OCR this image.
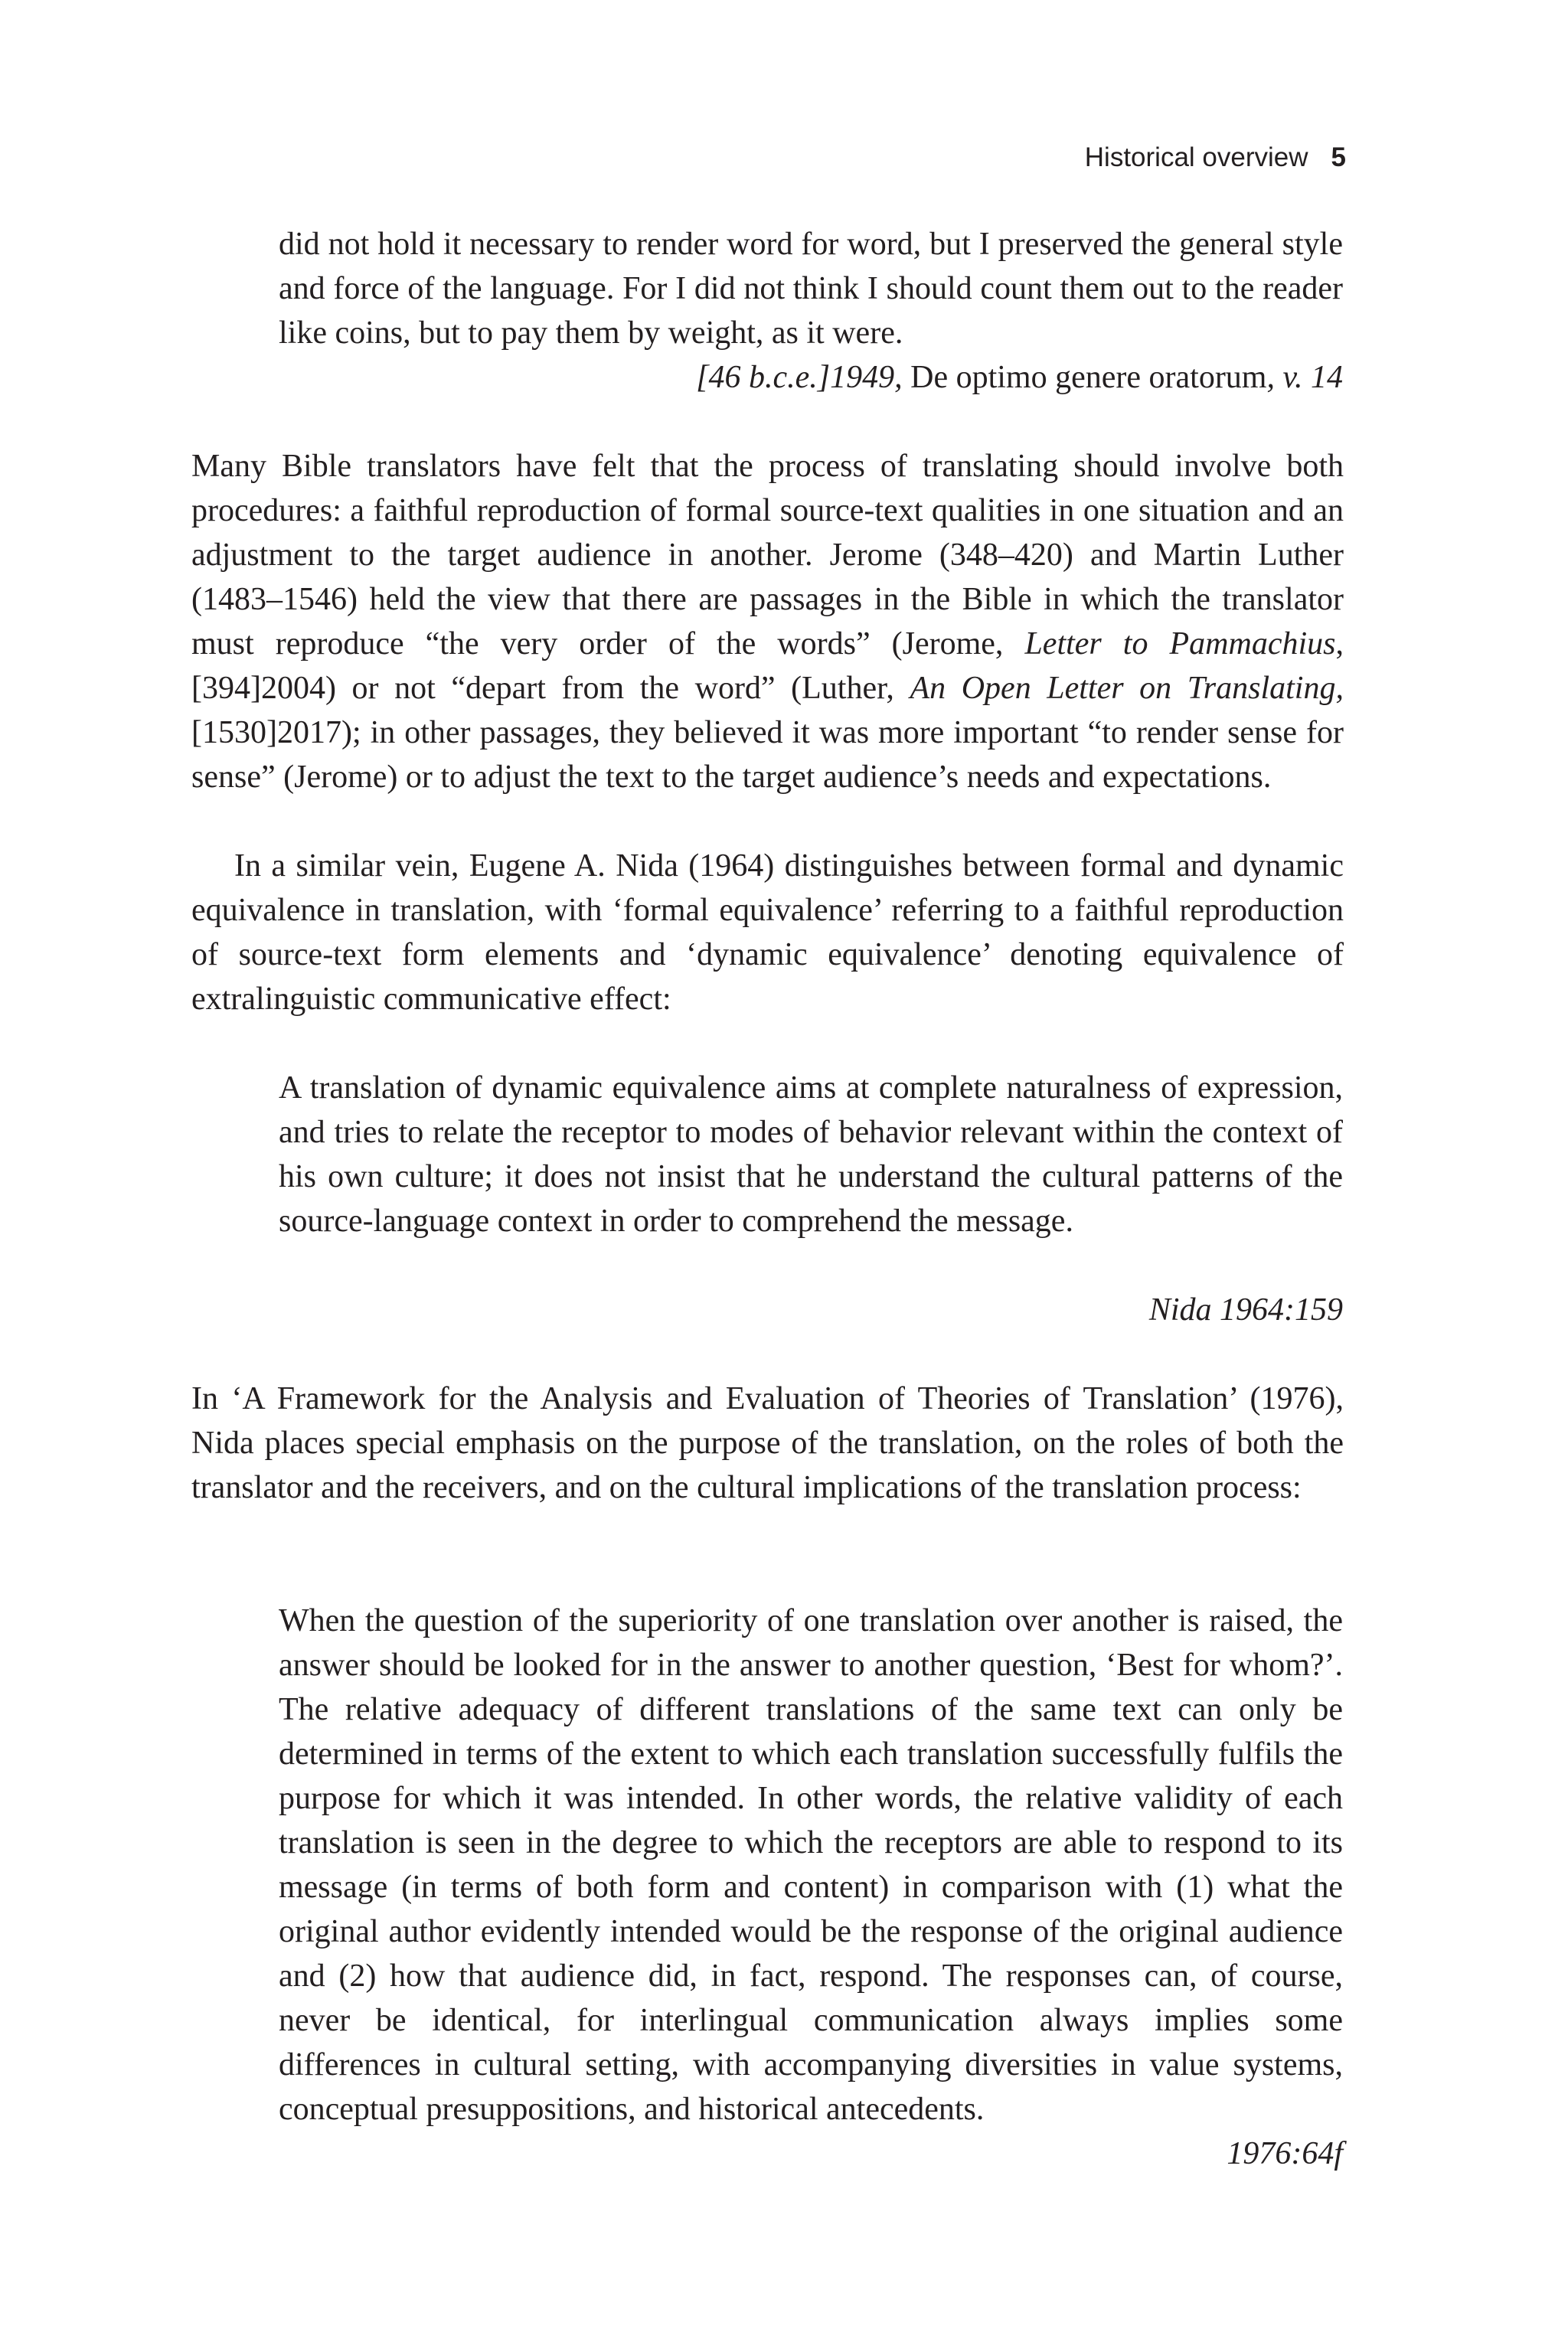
Historical overview 5

did not hold it necessary to render word for word, but I preserved the general style and force of the language. For I did not think I should count them out to the reader like coins, but to pay them by weight, as it were.

[46 b.c.e.]1949, De optimo genere oratorum, v. 14

Many Bible translators have felt that the process of translating should involve both procedures: a faithful reproduction of formal source-text qualities in one situation and an adjustment to the target audience in another. Jerome (348–420) and Martin Luther (1483–1546) held the view that there are passages in the Bible in which the translator must reproduce “the very order of the words” (Jerome, Letter to Pammachius, [394]2004) or not “depart from the word” (Luther, An Open Letter on Translating, [1530]2017); in other passages, they believed it was more important “to render sense for sense” (Jerome) or to adjust the text to the target audience’s needs and expectations.

In a similar vein, Eugene A. Nida (1964) distinguishes between formal and dynamic equivalence in translation, with ‘formal equivalence’ referring to a faithful reproduction of source-text form elements and ‘dynamic equivalence’ denoting equivalence of extralinguistic communicative effect:

A translation of dynamic equivalence aims at complete naturalness of expression, and tries to relate the receptor to modes of behavior relevant within the context of his own culture; it does not insist that he understand the cultural patterns of the source-language context in order to comprehend the message.

Nida 1964:159

In ‘A Framework for the Analysis and Evaluation of Theories of Translation’ (1976), Nida places special emphasis on the purpose of the translation, on the roles of both the translator and the receivers, and on the cultural implications of the translation process:

When the question of the superiority of one translation over another is raised, the answer should be looked for in the answer to another question, ‘Best for whom?’. The relative adequacy of different translations of the same text can only be determined in terms of the extent to which each translation successfully fulfils the purpose for which it was intended. In other words, the relative validity of each translation is seen in the degree to which the receptors are able to respond to its message (in terms of both form and content) in comparison with (1) what the original author evidently intended would be the response of the original audience and (2) how that audience did, in fact, respond. The responses can, of course, never be identical, for interlingual communication always implies some differences in cultural setting, with accompanying diversities in value systems, conceptual presuppositions, and historical antecedents.

1976:64f
